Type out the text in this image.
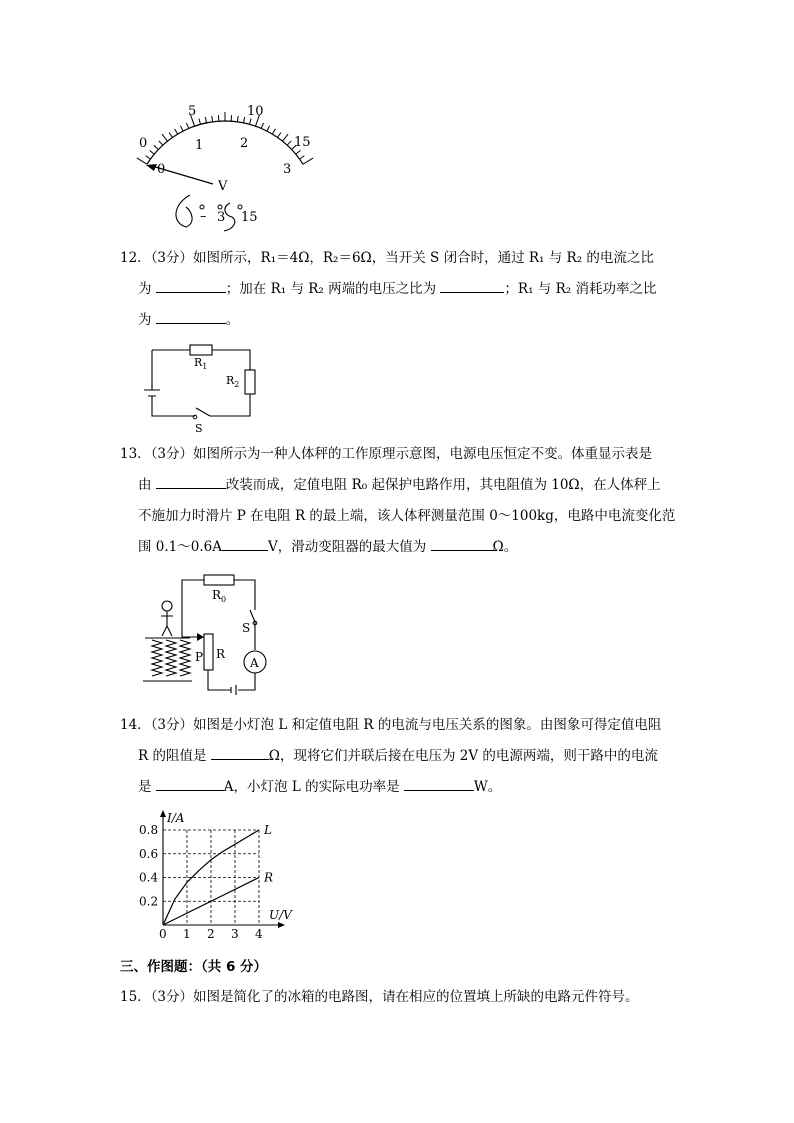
0
5	10
15
0
1	2
3
V
– 3 15
12．（3分）如图所示，R₁＝4Ω，R₂＝6Ω，当开关 S 闭合时，通过 R₁ 与 R₂ 的电流之比
为	；加在 R₁ 与 R₂ 两端的电压之比为	；R₁ 与 R₂ 消耗功率之比
为	。
$R_1$
$R_2$
S
13．（3分）如图所示为一种人体秤的工作原理示意图，电源电压恒定不变。体重显示表是
由	改装而成，定值电阻 R₀ 起保护电路作用，其电阻值为 10Ω，在人体秤上
不施加力时滑片 P 在电阻 R 的最上端，该人体秤测量范围 0～100kg，电路中电流变化范
围 0.1～0.6A	V，滑动变阻器的最大值为	Ω。
$R_0$
S
P R
A
14．（3分）如图是小灯泡 L 和定值电阻 R 的电流与电压关系的图象。由图象可得定值电阻
R 的阻值是	Ω，现将它们并联后接在电压为 2V 的电源两端，则干路中的电流
是	A，小灯泡 L 的实际电功率是	W。
0 1 2 3 4
0.2
0.4
0.6
0.8
I/A
U/V
L
R
三、作图题：（共 6 分）
15．（3分）如图是简化了的冰箱的电路图，请在相应的位置填上所缺的电路元件符号。
